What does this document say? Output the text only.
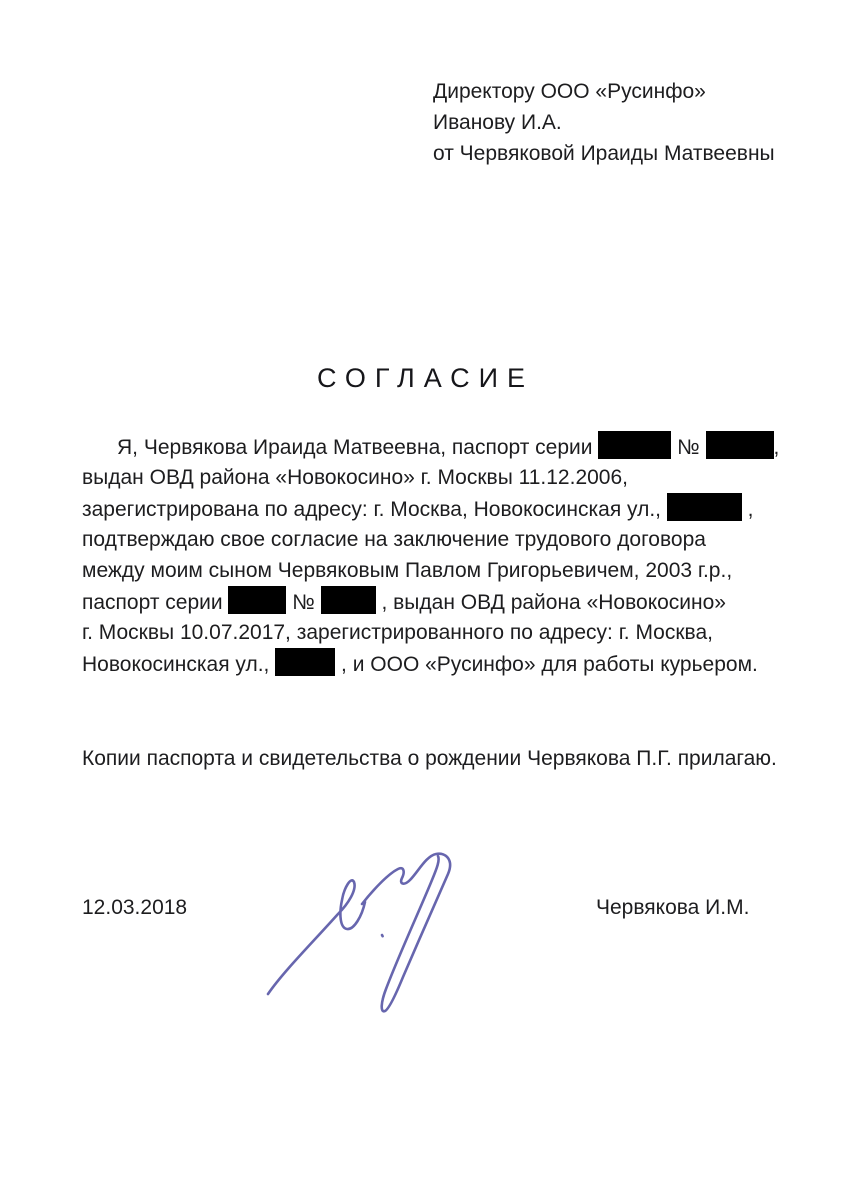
Директору ООО «Русинфо»
Иванову И.А.
от Червяковой Ираиды Матвеевны
СОГЛАСИЕ
Я, Червякова Ираида Матвеевна, паспорт серии	№	,
выдан ОВД района «Новокосино» г. Москвы 11.12.2006,
зарегистрирована по адресу: г. Москва, Новокосинская ул.,	,
подтверждаю свое согласие на заключение трудового договора
между моим сыном Червяковым Павлом Григорьевичем, 2003 г.р.,
паспорт серии	№	, выдан ОВД района «Новокосино»
г. Москвы 10.07.2017, зарегистрированного по адресу: г. Москва,
Новокосинская ул.,	, и ООО «Русинфо» для работы курьером.
Копии паспорта и свидетельства о рождении Червякова П.Г. прилагаю.
12.03.2018	Червякова И.М.
